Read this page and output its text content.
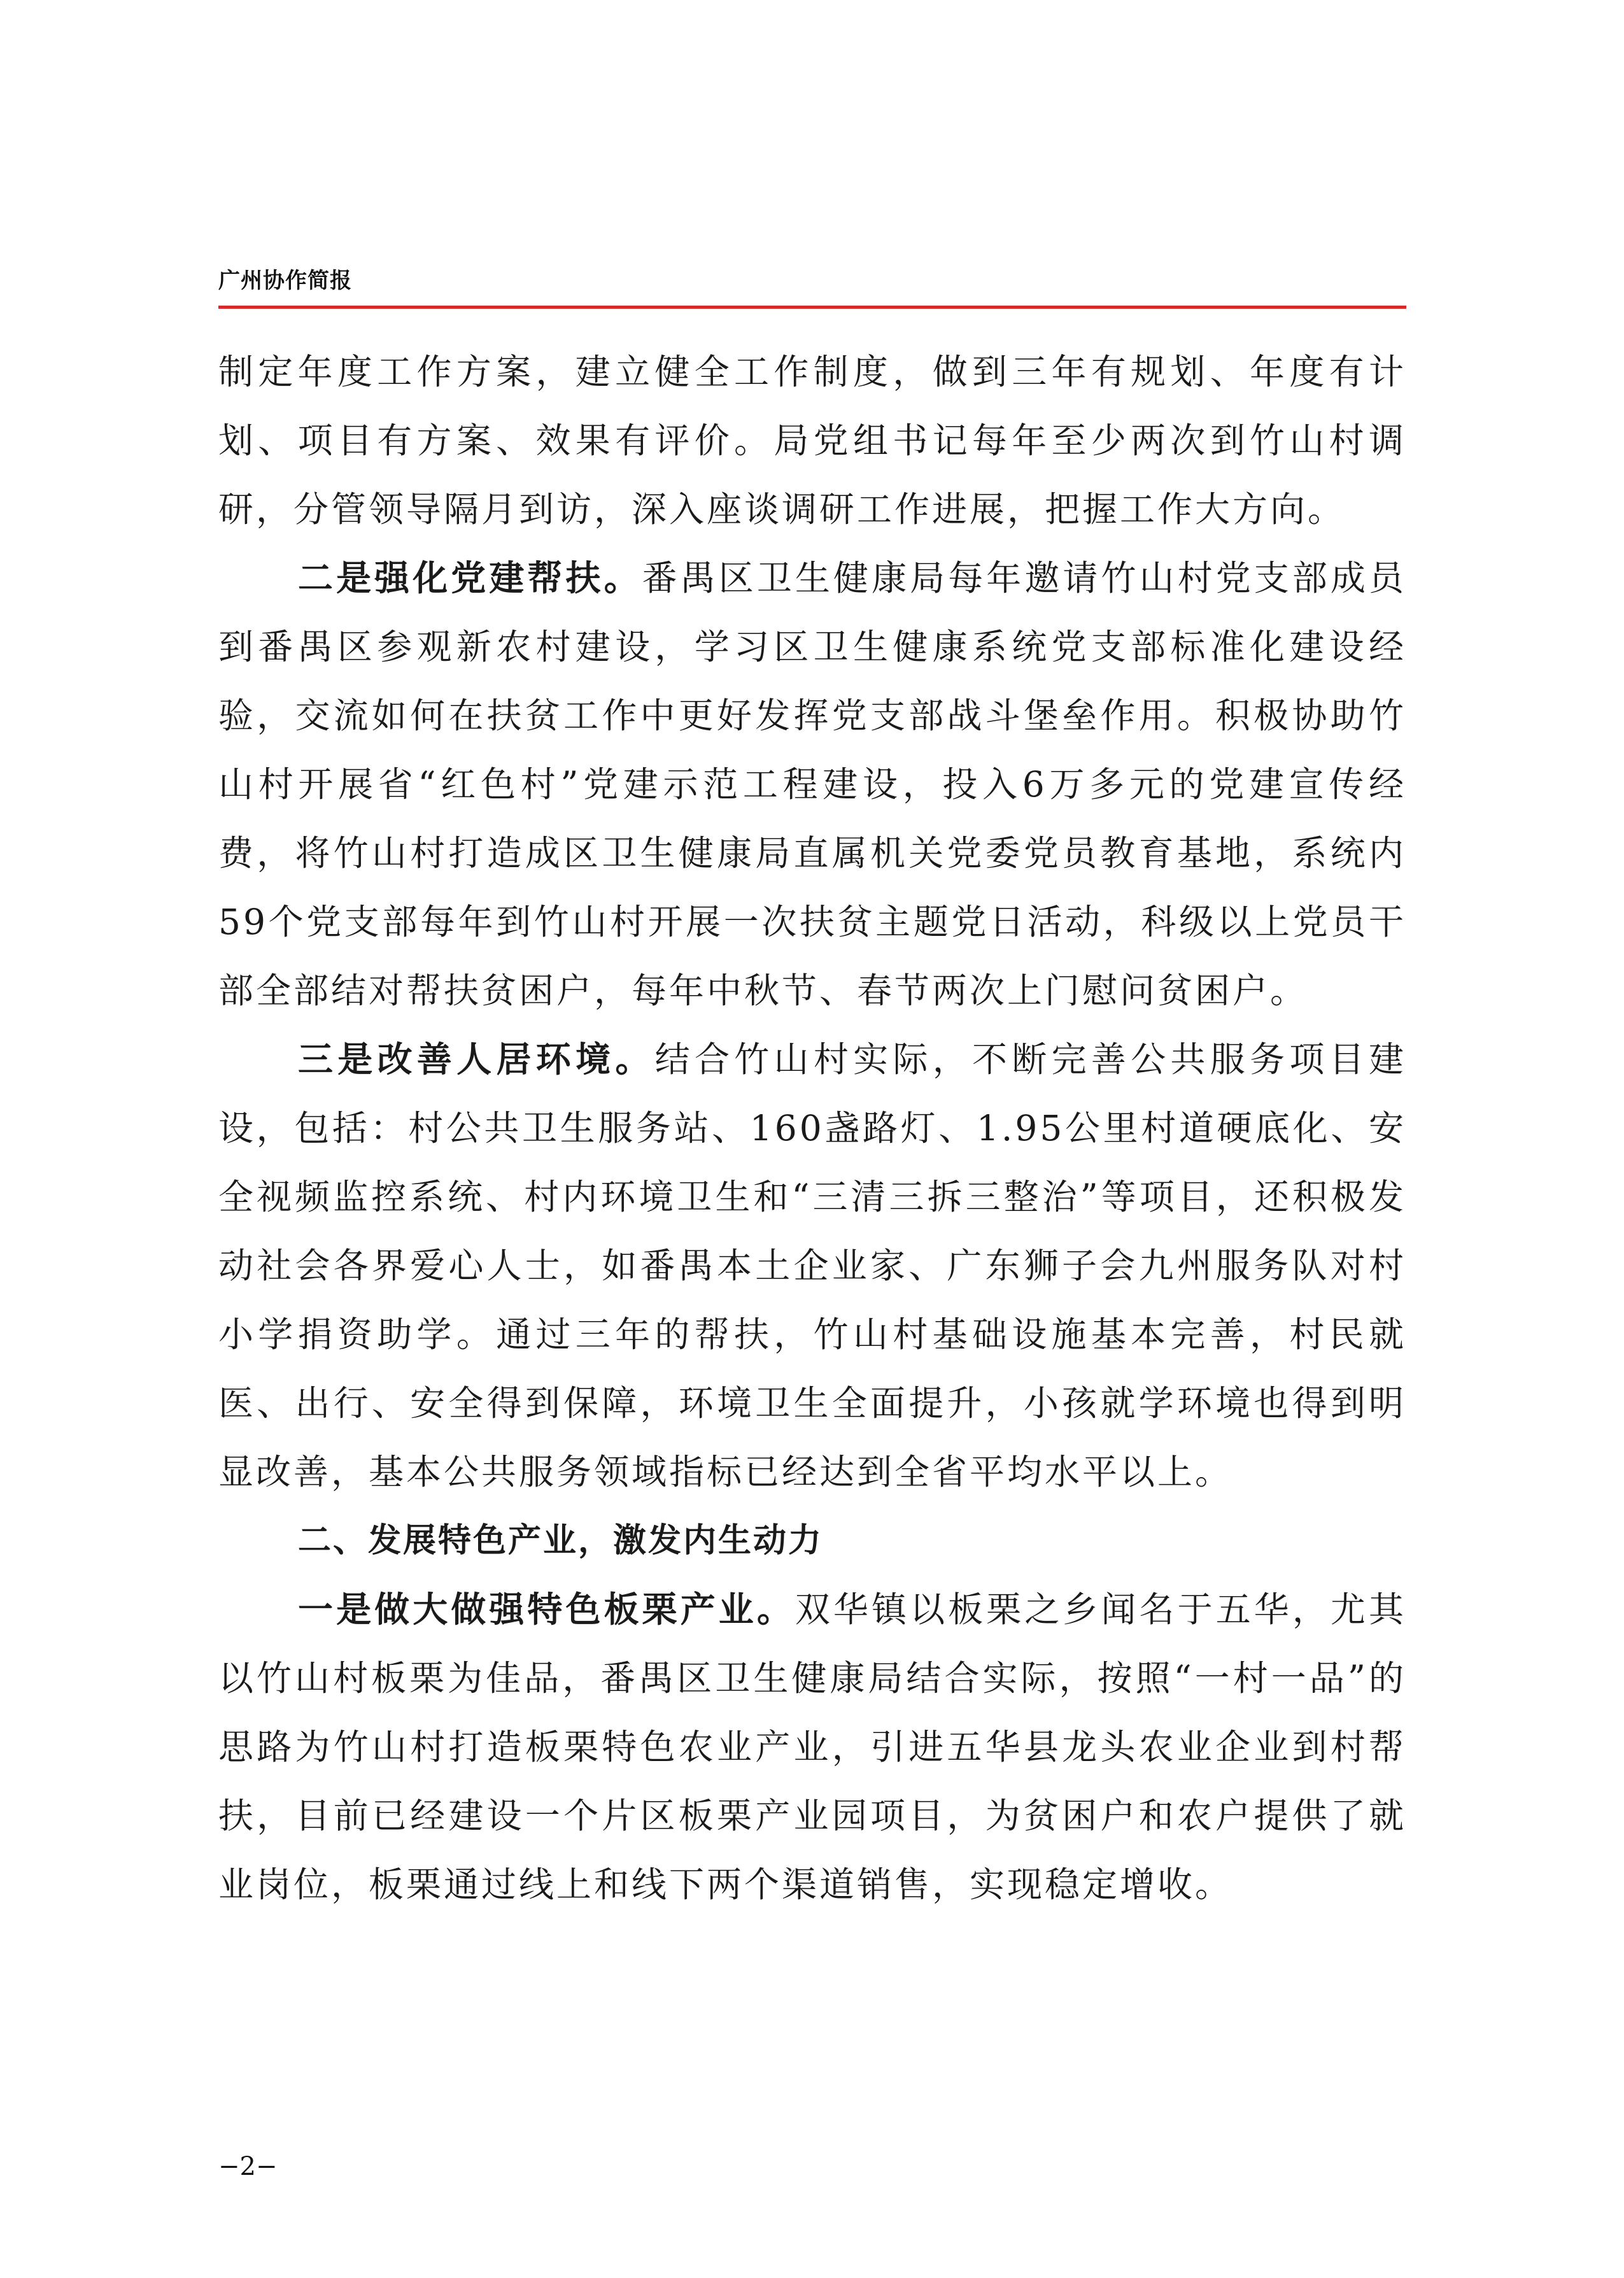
广州协作简报

制定年度工作方案，建立健全工作制度，做到三年有规划、年度有计划、项目有方案、效果有评价。局党组书记每年至少两次到竹山村调研，分管领导隔月到访，深入座谈调研工作进展，把握工作大方向。

二是强化党建帮扶。番禺区卫生健康局每年邀请竹山村党支部成员到番禺区参观新农村建设，学习区卫生健康系统党支部标准化建设经验，交流如何在扶贫工作中更好发挥党支部战斗堡垒作用。积极协助竹山村开展省“红色村”党建示范工程建设，投入6万多元的党建宣传经费，将竹山村打造成区卫生健康局直属机关党委党员教育基地，系统内59个党支部每年到竹山村开展一次扶贫主题党日活动，科级以上党员干部全部结对帮扶贫困户，每年中秋节、春节两次上门慰问贫困户。

三是改善人居环境。结合竹山村实际，不断完善公共服务项目建设，包括：村公共卫生服务站、160盏路灯、1.95公里村道硬底化、安全视频监控系统、村内环境卫生和“三清三拆三整治”等项目，还积极发动社会各界爱心人士，如番禺本土企业家、广东狮子会九州服务队对村小学捐资助学。通过三年的帮扶，竹山村基础设施基本完善，村民就医、出行、安全得到保障，环境卫生全面提升，小孩就学环境也得到明显改善，基本公共服务领域指标已经达到全省平均水平以上。

二、发展特色产业，激发内生动力

一是做大做强特色板栗产业。双华镇以板栗之乡闻名于五华，尤其以竹山村板栗为佳品，番禺区卫生健康局结合实际，按照“一村一品”的思路为竹山村打造板栗特色农业产业，引进五华县龙头农业企业到村帮扶，目前已经建设一个片区板栗产业园项目，为贫困户和农户提供了就业岗位，板栗通过线上和线下两个渠道销售，实现稳定增收。

−2−
